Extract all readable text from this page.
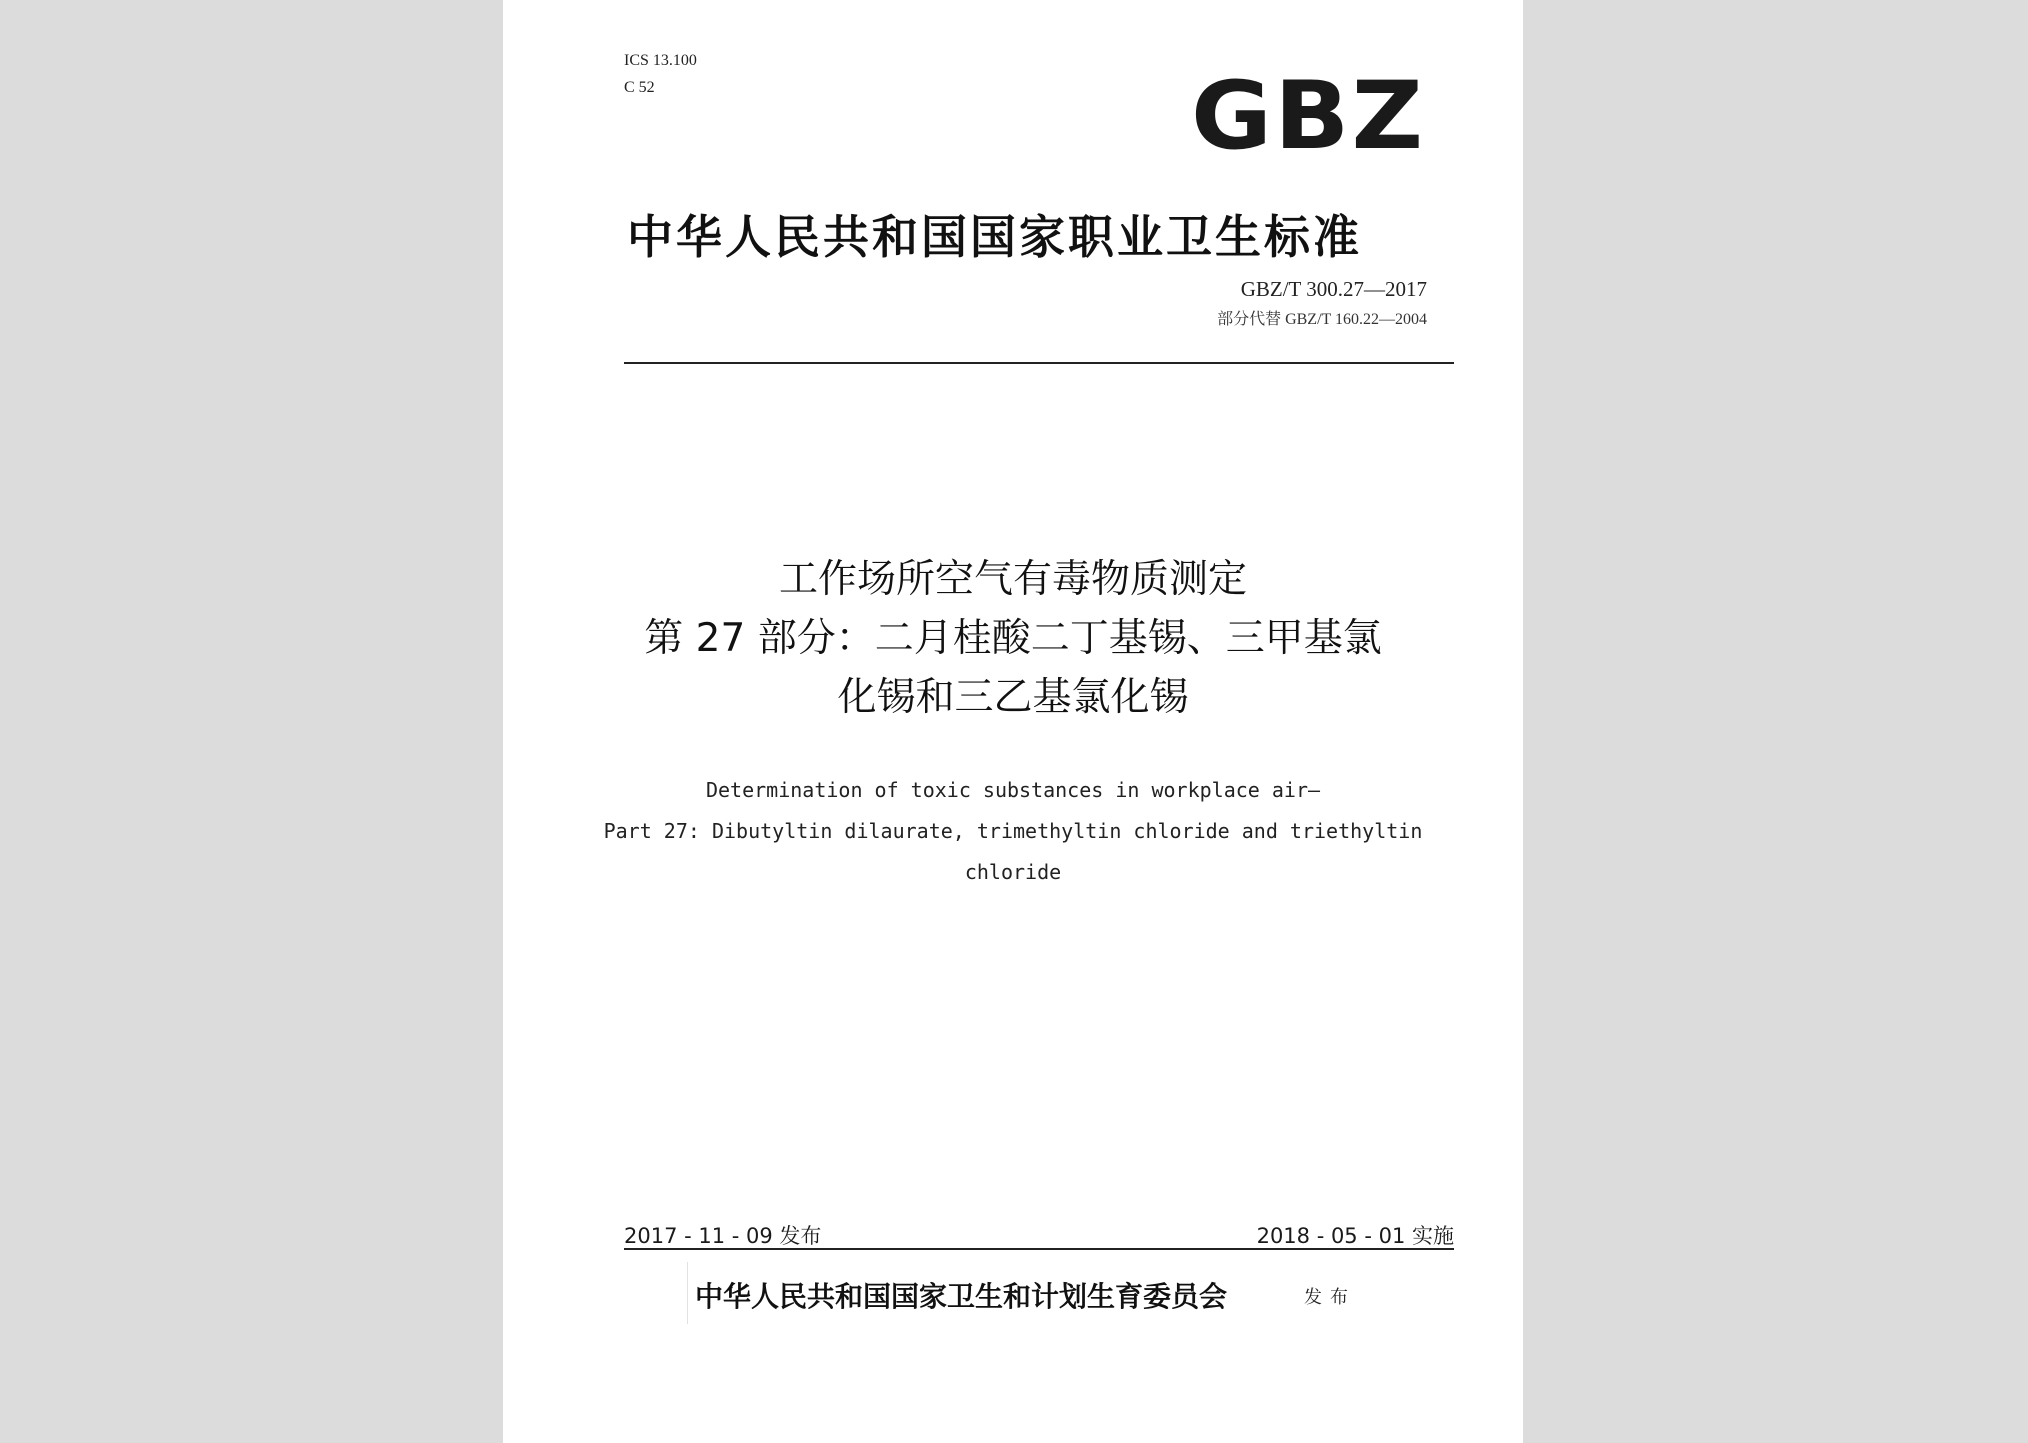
ICS 13.100

C 52	GBZ
中华人民共和国国家职业卫生标准

GBZ/T 300.27—2017

部分代替 GBZ/T 160.22—2004

工作场所空气有毒物质测定
第 27 部分：二月桂酸二丁基锡、三甲基氯
化锡和三乙基氯化锡
Determination of toxic substances in workplace air—
Part 27: Dibutyltin dilaurate, trimethyltin chloride and triethyltin
chloride

2017 - 11 - 09 发布	2018 - 05 - 01 实施

中华人民共和国国家卫生和计划生育委员会	发布
